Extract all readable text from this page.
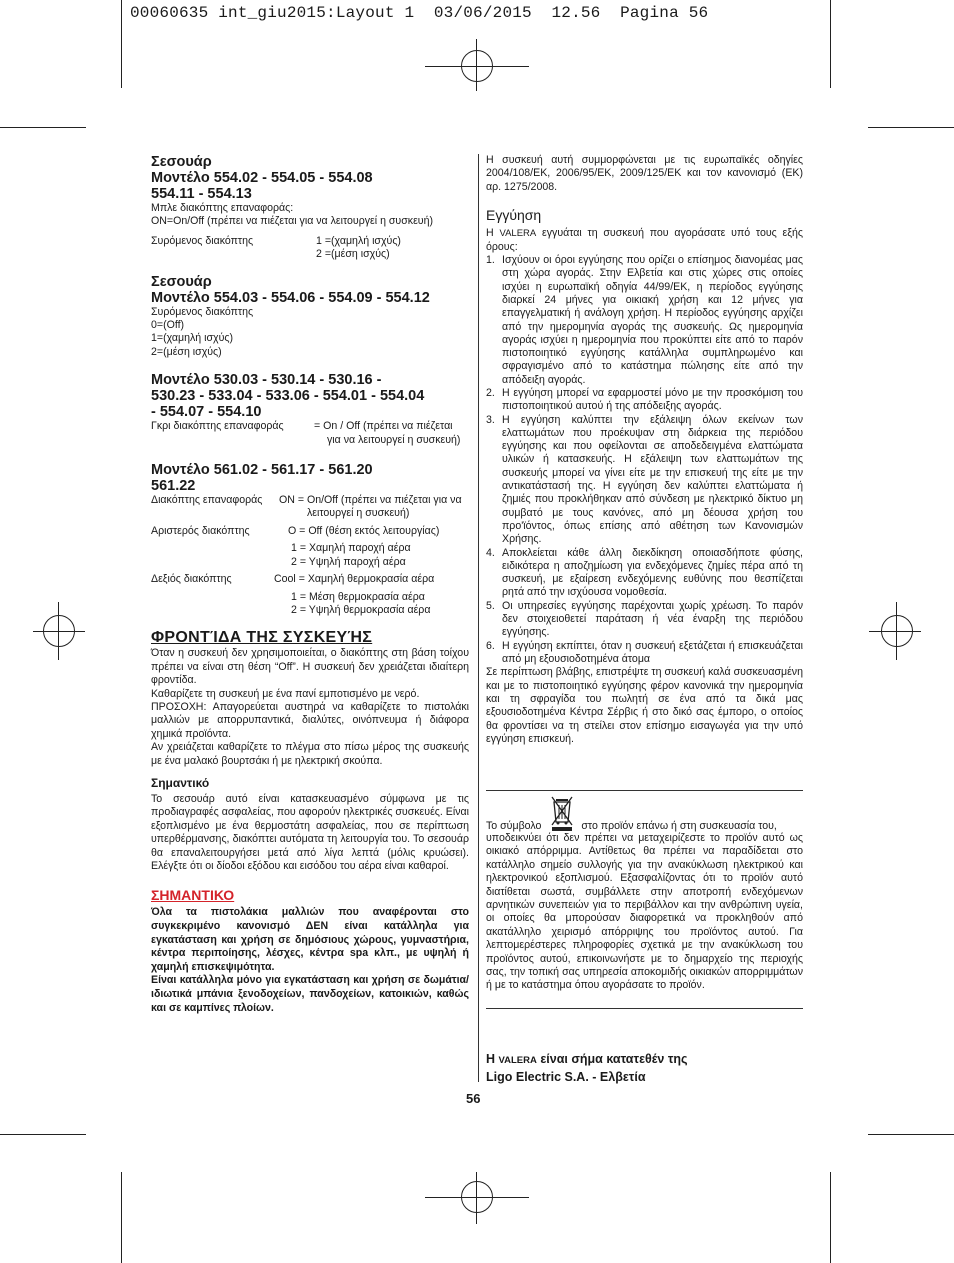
00060635 int_giu2015:Layout 1  03/06/2015  12.56  Pagina 56

Σεσουάρ

Μοντέλο 554.02 - 554.05 - 554.08

554.11 - 554.13

Μπλε διακόπτης επαναφοράς:

ON=On/Off (πρέπει να πιέζεται για να λειτουργεί η συσκευή)

Συρόμενος διακόπτης	1 =(χαμηλή ισχύς)
2 =(μέση ισχύς)

Σεσουάρ

Μοντέλο 554.03 - 554.06 - 554.09 - 554.12

Συρόμενος διακόπτης

0=(Off)

1=(χαμηλή ισχύς)

2=(μέση ισχύς)

Μοντέλο 530.03 - 530.14 - 530.16 -

530.23 - 533.04 - 533.06 - 554.01 - 554.04

- 554.07 - 554.10

Γκρι διακόπτης επαναφοράς	= On / Off (πρέπει να πιέζεται
για να λειτουργεί η συσκευή)

Μοντέλο 561.02 - 561.17 - 561.20

561.22

Διακόπτης επαναφοράς	ON = On/Off (πρέπει να πιέζεται για να
λειτουργεί η συσκευή)
Αριστερός διακόπτης	O = Off (θέση εκτός λειτουργίας)
1 = Χαμηλή παροχή αέρα
2 = Υψηλή παροχή αέρα
Δεξιός διακόπτης	Cool = Χαμηλή θερμοκρασία αέρα
1 = Μέση θερμοκρασία αέρα
2 = Υψηλή θερμοκρασία αέρα

ΦΡΟΝΤΊΔΑ ΤΗΣ ΣΥΣΚΕΥΉΣ

Όταν η συσκευή δεν χρησιμοποιείται, ο διακόπτης στη βάση τοίχου πρέπει να είναι στη θέση “Off”. Η συσκευή δεν χρειάζεται ιδιαίτερη φροντίδα.

Καθαρίζετε τη συσκευή με ένα πανί εμποτισμένο με νερό.

ΠΡΟΣΟΧΗ: Απαγορεύεται αυστηρά να καθαρίζετε το πιστολάκι μαλλιών με απορρυπαντικά, διαλύτες, οινόπνευμα ή διάφορα χημικά προϊόντα.

Αν χρειάζεται καθαρίζετε το πλέγμα στο πίσω μέρος της συσκευής με ένα μαλακό βουρτσάκι ή με ηλεκτρική σκούπα.

Σημαντικό

Το σεσουάρ αυτό είναι κατασκευασμένο σύμφωνα με τις προδιαγραφές ασφαλείας, που αφορούν ηλεκτρικές συσκευές. Είναι εξοπλισμένο με ένα θερμοστάτη ασφαλείας, που σε περίπτωση υπερθέρμανσης, διακόπτει αυτόματα τη λειτουργία του. Το σεσουάρ θα επαναλειτουργήσει μετά από λίγα λεπτά (μόλις κρυώσει). Ελέγξτε ότι οι δίοδοι εξόδου και εισόδου του αέρα είναι καθαροί.

ΣΗΜΑΝΤΙΚΟ

Όλα τα πιστολάκια μαλλιών που αναφέρονται στο συγκεκριμένο κανονισμό ΔΕΝ είναι κατάλληλα για εγκατάσταση και χρήση σε δημόσιους χώρους, γυμναστήρια, κέντρα περιποίησης, λέσχες, κέντρα spa κλπ., με υψηλή ή χαμηλή επισκεψιμότητα.

Είναι κατάλληλα μόνο για εγκατάσταση και χρήση σε δωμάτια/ιδιωτικά μπάνια ξενοδοχείων, πανδοχείων, κατοικιών, καθώς και σε καμπίνες πλοίων.

Η συσκευή αυτή συμμορφώνεται με τις ευρωπαϊκές οδηγίες 2004/108/EK, 2006/95/EK, 2009/125/EK και τον κανονισμό (EK) αρ. 1275/2008.

Εγγύηση

Η VALERA εγγυάται τη συσκευή που αγοράσατε υπό τους εξής όρους:

1. Ισχύουν οι όροι εγγύησης που ορίζει ο επίσημος διανομέας μας στη χώρα αγοράς. Στην Ελβετία και στις χώρες στις οποίες ισχύει η ευρωπαϊκή οδηγία 44/99/ΕΚ, η περίοδος εγγύησης διαρκεί 24 μήνες για οικιακή χρήση και 12 μήνες για επαγγελματική ή ανάλογη χρήση. Η περίοδος εγγύησης αρχίζει από την ημερομηνία αγοράς της συσκευής. Ως ημερομηνία αγοράς ισχύει η ημερομηνία που προκύπτει είτε από το παρόν πιστοποιητικό εγγύησης κατάλληλα συμπληρωμένο και σφραγισμένο από το κατάστημα πώλησης είτε από την απόδειξη αγοράς.
2. Η εγγύηση μπορεί να εφαρμοστεί μόνο με την προσκόμιση του πιστοποιητικού αυτού ή της απόδειξης αγοράς.
3. Η εγγύηση καλύπτει την εξάλειψη όλων εκείνων των ελαττωμάτων που προέκυψαν στη διάρκεια της περιόδου εγγύησης και που οφείλονται σε αποδεδειγμένα ελαττώματα υλικών ή κατασκευής. Η εξάλειψη των ελαττωμάτων της συσκευής μπορεί να γίνει είτε με την επισκευή της είτε με την αντικατάστασή της. Η εγγύηση δεν καλύπτει ελαττώματα ή ζημιές που προκλήθηκαν από σύνδεση με ηλεκτρικό δίκτυο μη συμβατό με τους κανόνες, από μη δέουσα χρήση του προ'ϊόντος, όπως επίσης από αθέτηση των Κανονισμών Χρήσης.
4. Αποκλείεται κάθε άλλη διεκδίκηση οποιασδήποτε φύσης, ειδικότερα η αποζημίωση για ενδεχόμενες ζημίες πέρα από τη συσκευή, με εξαίρεση ενδεχόμενης ευθύνης που θεσπίζεται ρητά από την ισχύουσα νομοθεσία.
5. Οι υπηρεσίες εγγύησης παρέχονται χωρίς χρέωση. Το παρόν δεν στοιχειοθετεί παράταση ή νέα έναρξη της περιόδου εγγύησης.
6. Η εγγύηση εκπίπτει, όταν η συσκευή εξετάζεται ή επισκευάζεται από μη εξουσιοδοτημένα άτομα

Σε περίπτωση βλάβης, επιστρέψτε τη συσκευή καλά συσκευασμένη και με το πιστοποιητικό εγγύησης φέρον κανονικά την ημερομηνία και τη σφραγίδα του πωλητή σε ένα από τα δικά μας εξουσιοδοτημένα Κέντρα Σέρβις ή στο δικό σας έμπορο, ο οποίος θα φροντίσει να τη στείλει στον επίσημο εισαγωγέα για την υπό εγγύηση επισκευή.

Το σύμβολο	στο προϊόν επάνω ή στη συσκευασία του,

υποδεικνύει ότι δεν πρέπει να μεταχειρίζεστε το προϊόν αυτό ως οικιακό απόρριμμα. Αντίθετως θα πρέπει να παραδίδεται στο κατάλληλο σημείο συλλογής για την ανακύκλωση ηλεκτρικού και ηλεκτρονικού εξοπλισμού. Εξασφαλίζοντας ότι το προϊόν αυτό διατίθεται σωστά, συμβάλλετε στην αποτροπή ενδεχόμενων αρνητικών συνεπειών για το περιβάλλον και την ανθρώπινη υγεία, οι οποίες θα μπορούσαν διαφορετικά να προκληθούν από ακατάλληλο χειρισμό απόρριψης του προϊόντος αυτού. Για λεπτομερέστερες πληροφορίες σχετικά με την ανακύκλωση του προϊόντος αυτού, επικοινωνήστε με το δημαρχείο της περιοχής σας, την τοπική σας υπηρεσία αποκομιδής οικιακών απορριμμάτων ή με το κατάστημα όπου αγοράσατε το προϊόν.

Η VALERA είναι σήμα κατατεθέν της
Ligo Electric S.A. - Ελβετία
56
